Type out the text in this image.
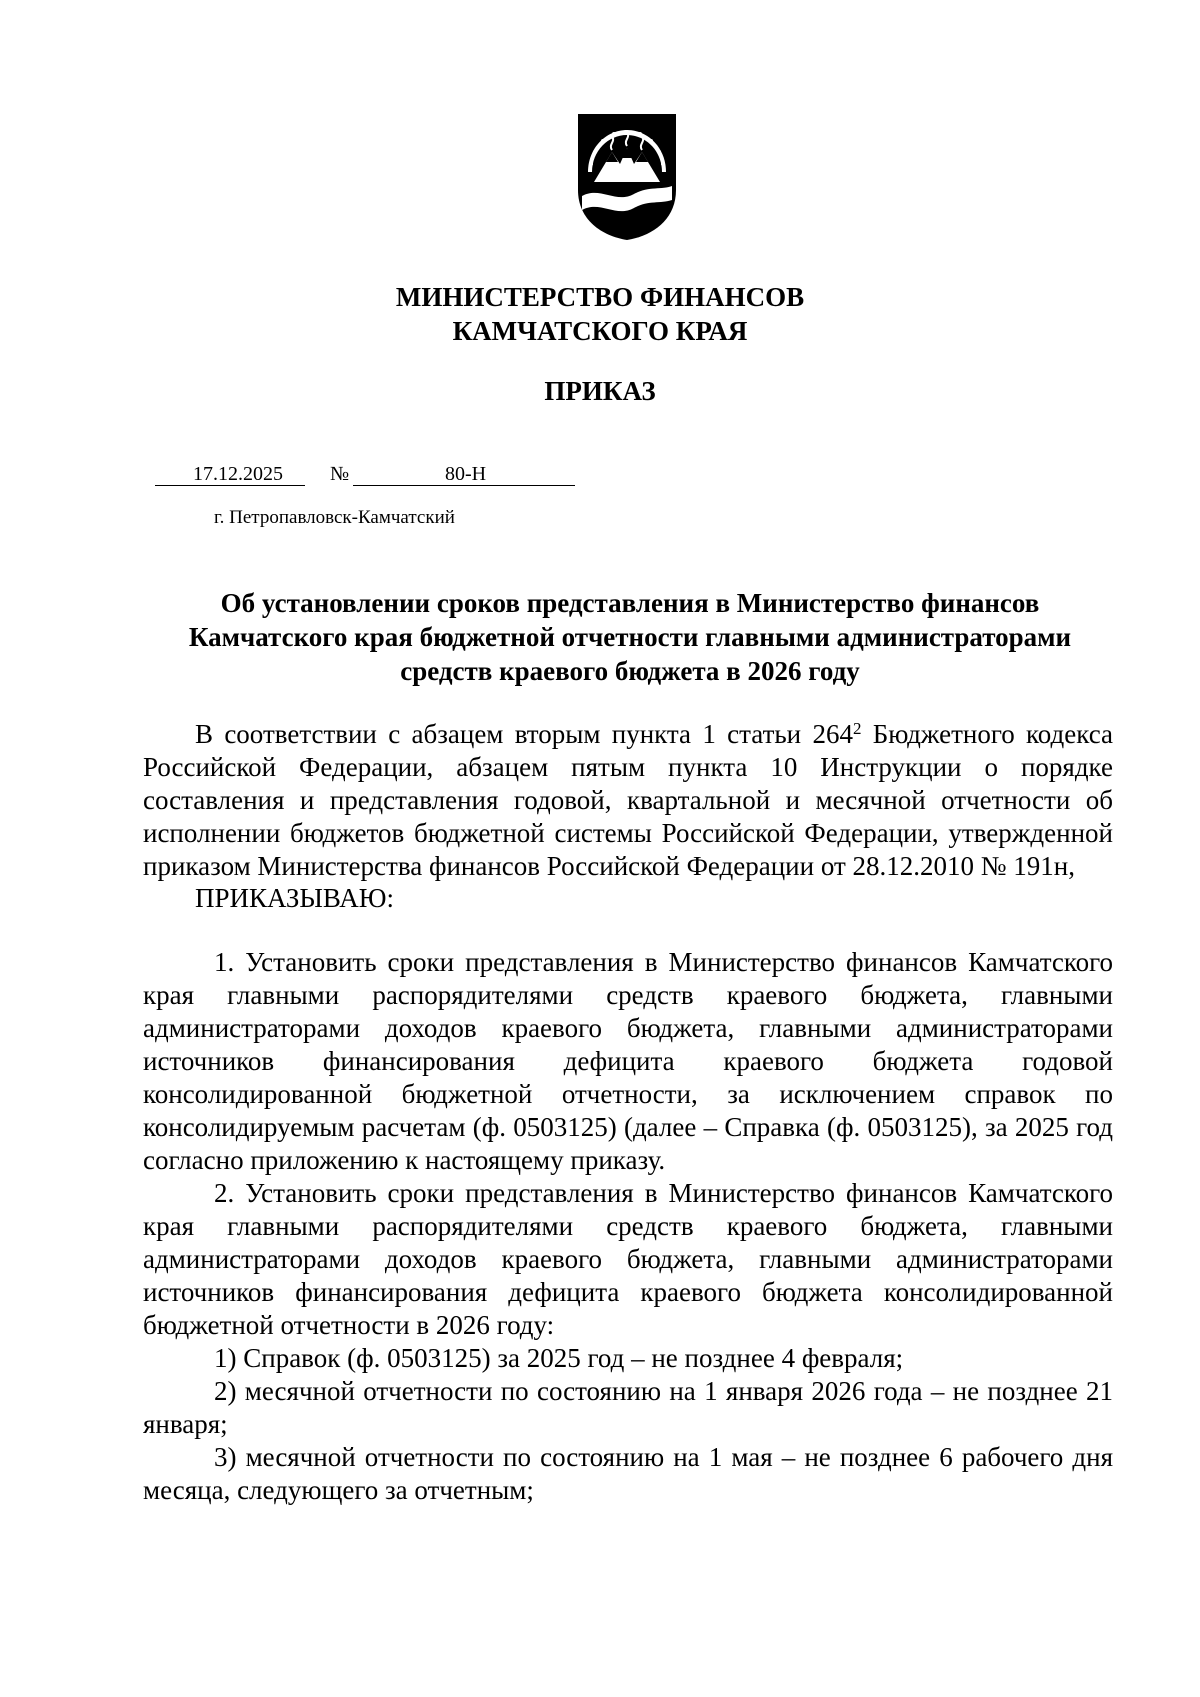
МИНИСТЕРСТВО ФИНАНСОВ
КАМЧАТСКОГО КРАЯ
ПРИКАЗ
17.12.2025 №	80-Н
г. Петропавловск-Камчатский
Об установлении сроков представления в Министерство финансов Камчатского края бюджетной отчетности главными администраторами средств краевого бюджета в 2026 году
В соответствии с абзацем вторым пункта 1 статьи $264^2$ Бюджетного кодекса Российской Федерации, абзацем пятым пункта 10 Инструкции о порядке составления и представления годовой, квартальной и месячной отчетности об исполнении бюджетов бюджетной системы Российской Федерации, утвержденной приказом Министерства финансов Российской Федерации от 28.12.2010 № 191н,
ПРИКАЗЫВАЮ:

1. Установить сроки представления в Министерство финансов Камчатского края главными распорядителями средств краевого бюджета, главными администраторами доходов краевого бюджета, главными администраторами источников финансирования дефицита краевого бюджета годовой консолидированной бюджетной отчетности, за исключением справок по консолидируемым расчетам (ф. 0503125) (далее – Справка (ф. 0503125), за 2025 год согласно приложению к настоящему приказу.

2. Установить сроки представления в Министерство финансов Камчатского края главными распорядителями средств краевого бюджета, главными администраторами доходов краевого бюджета, главными администраторами источников финансирования дефицита краевого бюджета консолидированной бюджетной отчетности в 2026 году:

1) Справок (ф. 0503125) за 2025 год – не позднее 4 февраля;

2) месячной отчетности по состоянию на 1 января 2026 года – не позднее 21 января;

3) месячной отчетности по состоянию на 1 мая – не позднее 6 рабочего дня месяца, следующего за отчетным;
